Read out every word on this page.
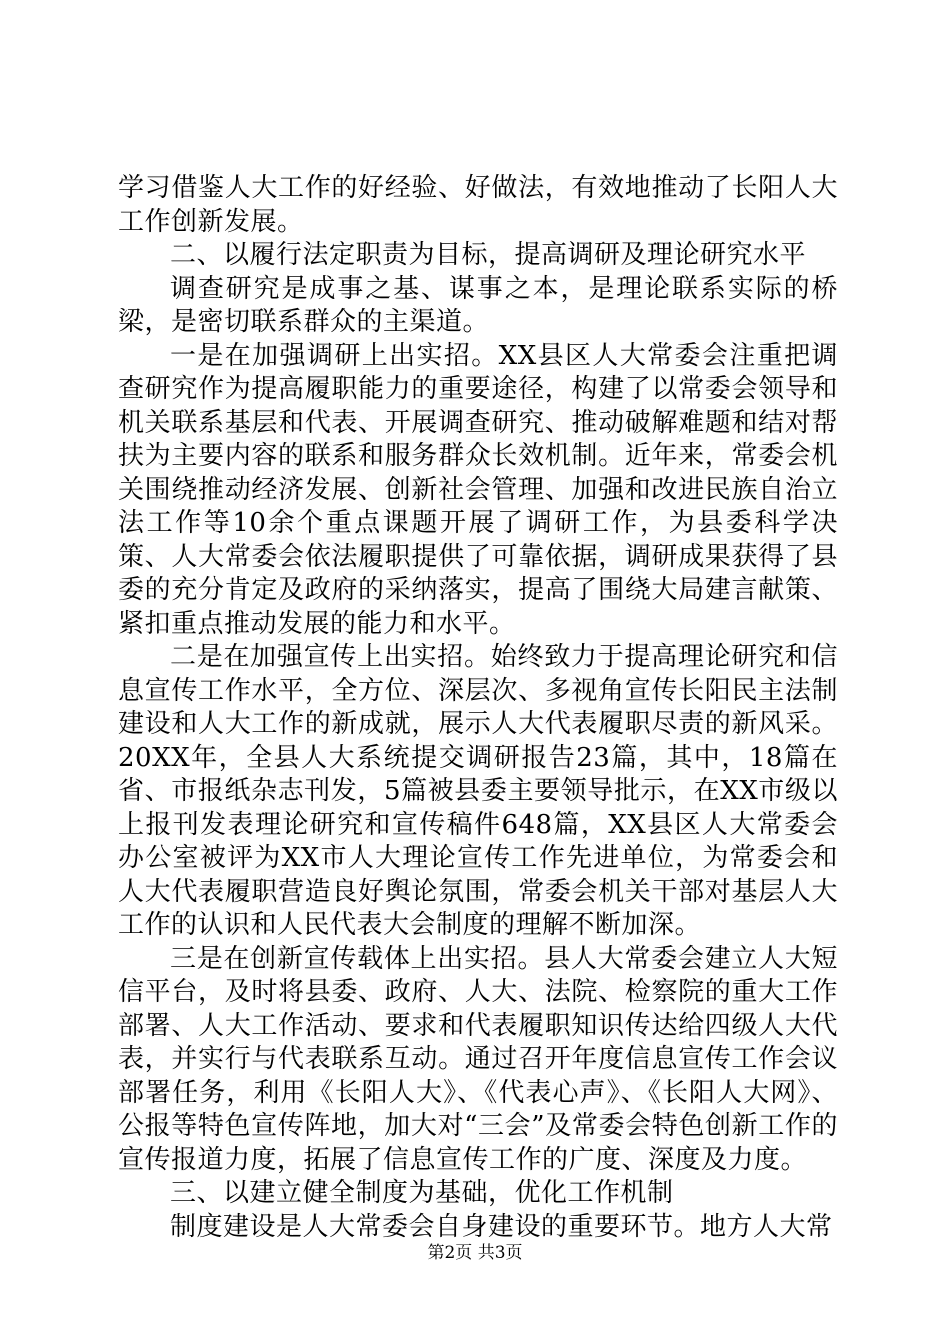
学习借鉴人大工作的好经验、好做法，有效地推动了长阳人大工作创新发展。

二、以履行法定职责为目标，提高调研及理论研究水平

调查研究是成事之基、谋事之本，是理论联系实际的桥梁，是密切联系群众的主渠道。

一是在加强调研上出实招。XX县区人大常委会注重把调查研究作为提高履职能力的重要途径，构建了以常委会领导和机关联系基层和代表、开展调查研究、推动破解难题和结对帮扶为主要内容的联系和服务群众长效机制。近年来，常委会机关围绕推动经济发展、创新社会管理、加强和改进民族自治立法工作等10余个重点课题开展了调研工作，为县委科学决策、人大常委会依法履职提供了可靠依据，调研成果获得了县委的充分肯定及政府的采纳落实，提高了围绕大局建言献策、紧扣重点推动发展的能力和水平。

二是在加强宣传上出实招。始终致力于提高理论研究和信息宣传工作水平，全方位、深层次、多视角宣传长阳民主法制建设和人大工作的新成就，展示人大代表履职尽责的新风采。20XX年，全县人大系统提交调研报告23篇，其中，18篇在省、市报纸杂志刊发，5篇被县委主要领导批示，在XX市级以上报刊发表理论研究和宣传稿件648篇，XX县区人大常委会办公室被评为XX市人大理论宣传工作先进单位，为常委会和人大代表履职营造良好舆论氛围，常委会机关干部对基层人大工作的认识和人民代表大会制度的理解不断加深。

三是在创新宣传载体上出实招。县人大常委会建立人大短信平台，及时将县委、政府、人大、法院、检察院的重大工作部署、人大工作活动、要求和代表履职知识传达给四级人大代表，并实行与代表联系互动。通过召开年度信息宣传工作会议部署任务，利用《长阳人大》、《代表心声》、《长阳人大网》、公报等特色宣传阵地，加大对“三会”及常委会特色创新工作的宣传报道力度，拓展了信息宣传工作的广度、深度及力度。

三、以建立健全制度为基础，优化工作机制

制度建设是人大常委会自身建设的重要环节。地方人大常

第2页 共3页
